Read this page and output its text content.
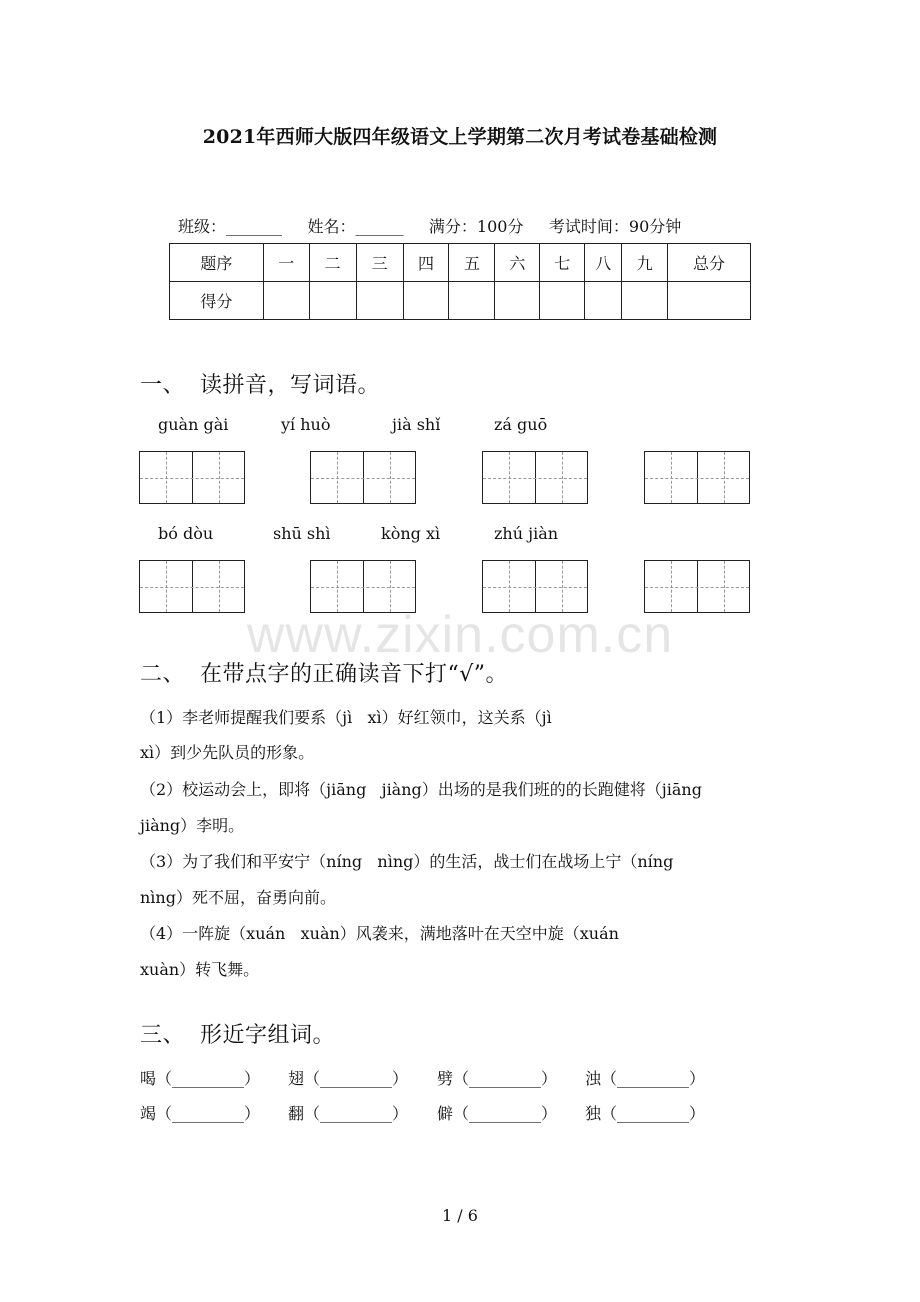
2021年西师大版四年级语文上学期第二次月考试卷基础检测
班级：_______ 姓名：______ 满分：100分 考试时间：90分钟
题序	一	二	三	四	五	六	七	八	九	总分
得分										
一、  读拼音，写词语。
guàn gài	yí huò	jià shǐ	zá guō
bó dòu	shū shì	kòng xì	zhú jiàn
www.zixin.com.cn
二、  在带点字的正确读音下打“√”。
（1）李老师提醒我们要系（jì   xì）好红领巾，这关系（jì
xì）到少先队员的形象。
（2）校运动会上，即将（jiāng   jiàng）出场的是我们班的的长跑健将（jiāng
jiàng）李明。
（3）为了我们和平安宁（níng   nìng）的生活，战士们在战场上宁（níng
nìng）死不屈，奋勇向前。
（4）一阵旋（xuán   xuàn）风袭来，满地落叶在天空中旋（xuán
xuàn）转飞舞。
三、  形近字组词。
喝（_________） 翅（_________） 劈（_________） 浊（_________）
竭（_________） 翻（_________） 僻（_________） 独（_________）
1 / 6
